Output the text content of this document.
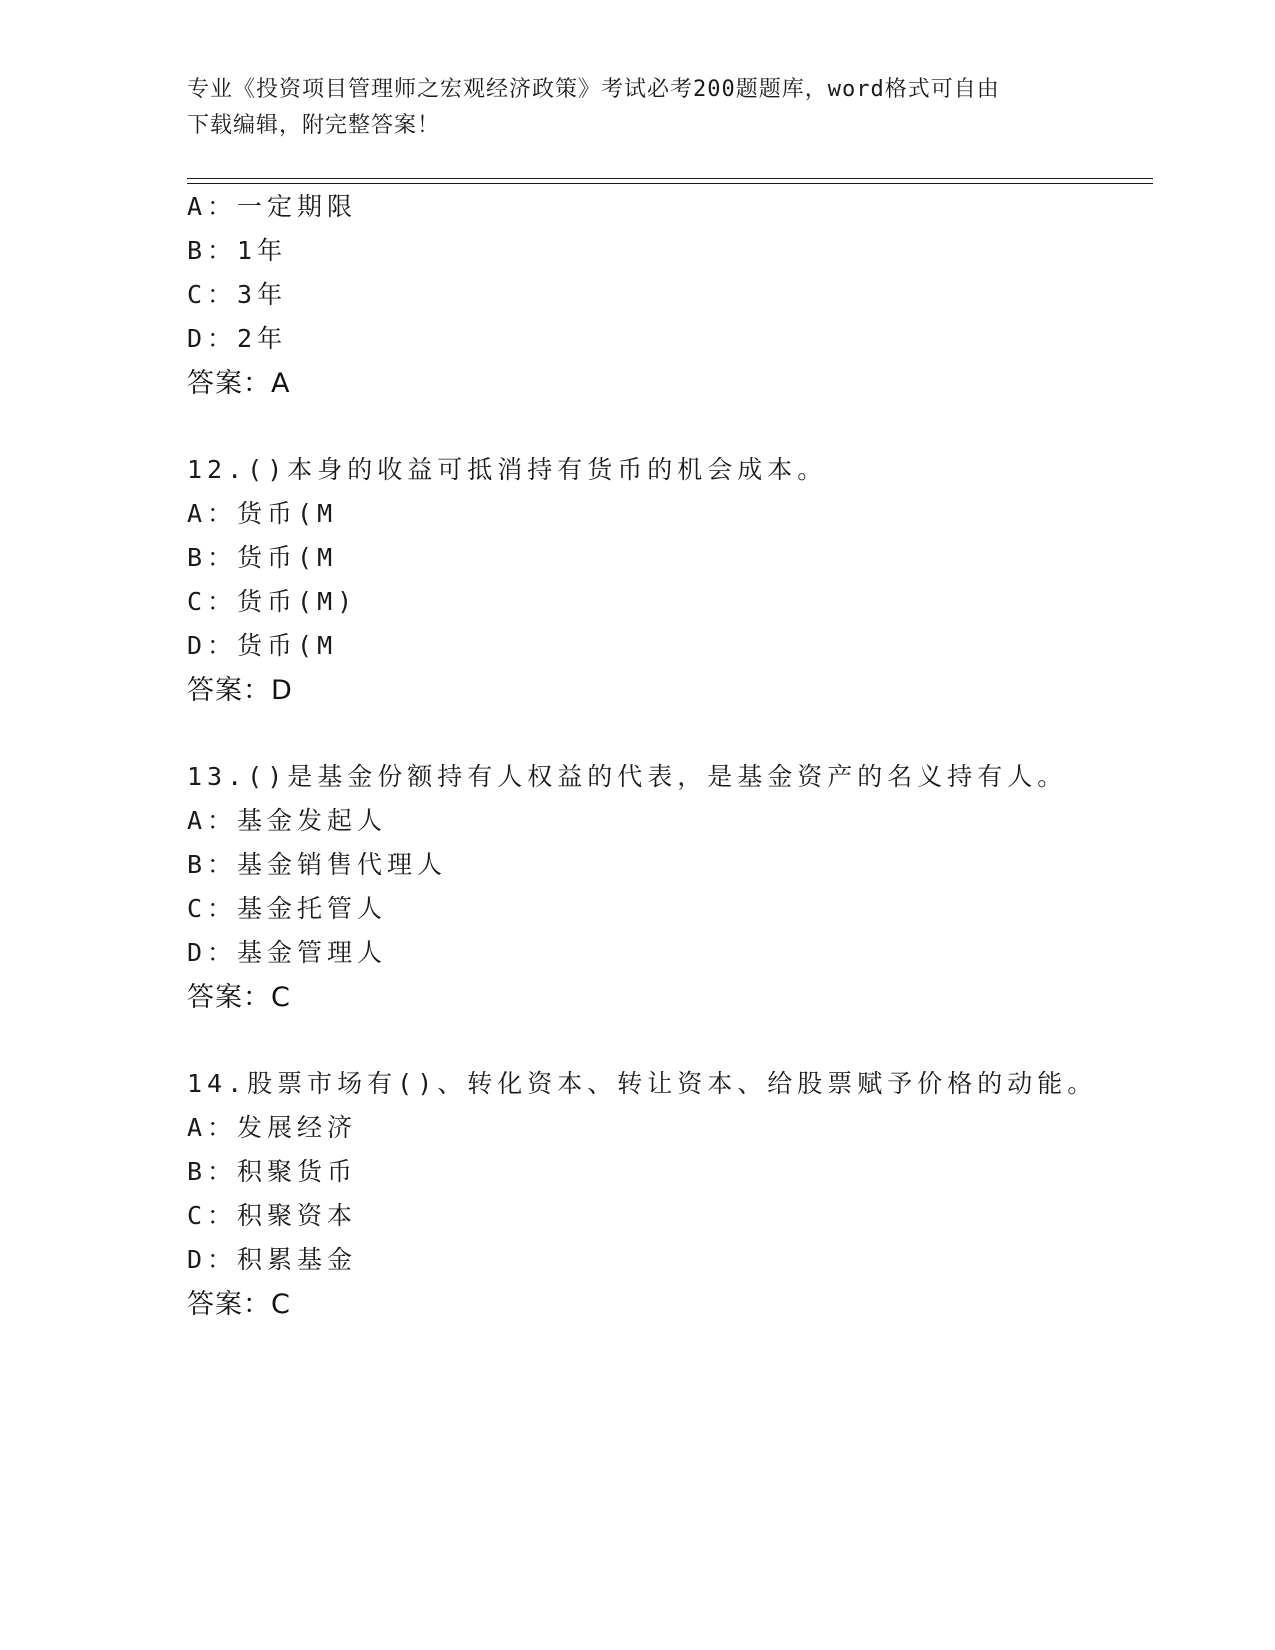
专业《投资项目管理师之宏观经济政策》考试必考200题题库，word格式可自由
下载编辑，附完整答案！
A：一定期限
B：1年
C：3年
D：2年
答案：A
12.()本身的收益可抵消持有货币的机会成本。
A：货币(M
B：货币(M
C：货币(M)
D：货币(M
答案：D
13.()是基金份额持有人权益的代表，是基金资产的名义持有人。
A：基金发起人
B：基金销售代理人
C：基金托管人
D：基金管理人
答案：C
14.股票市场有()、转化资本、转让资本、给股票赋予价格的动能。
A：发展经济
B：积聚货币
C：积聚资本
D：积累基金
答案：C
